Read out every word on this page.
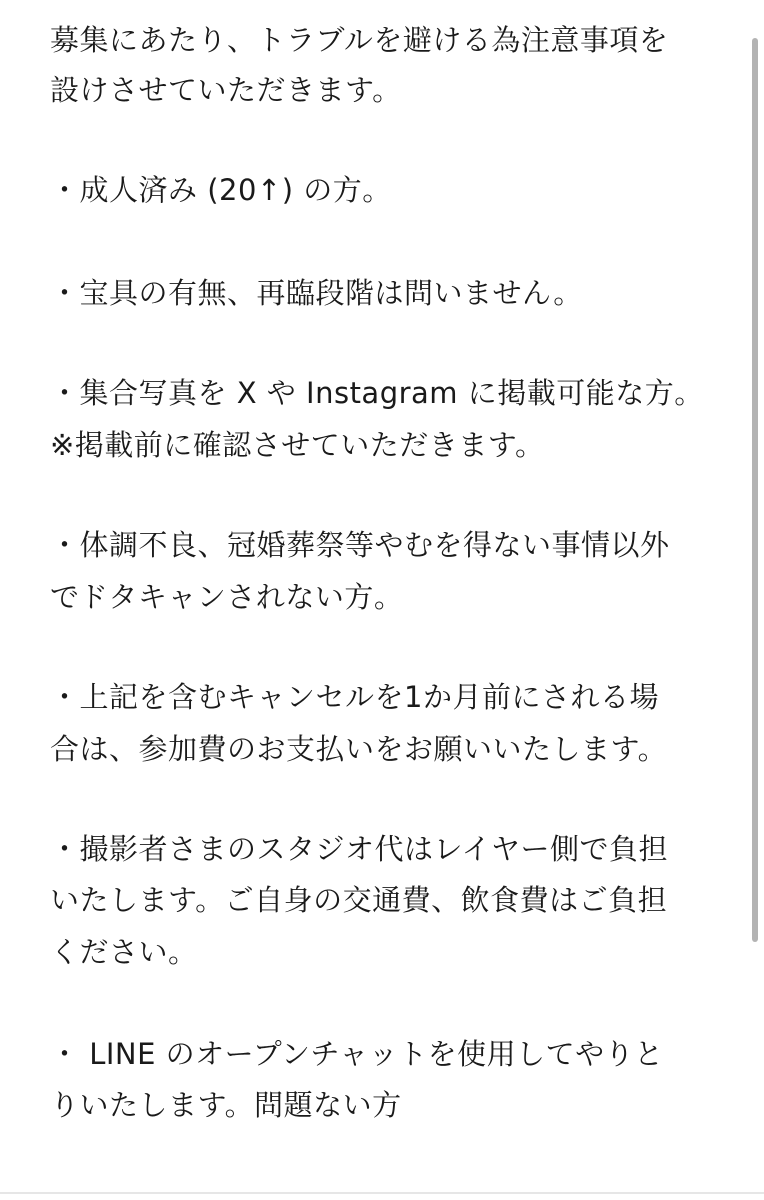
募集にあたり、トラブルを避ける為注意事項を
設けさせていただきます。
・成人済み (20↑) の方。
・宝具の有無、再臨段階は問いません。
・集合写真を X や Instagram に掲載可能な方。
※掲載前に確認させていただきます。
・体調不良、冠婚葬祭等やむを得ない事情以外
でドタキャンされない方。
・上記を含むキャンセルを1か月前にされる場
合は、参加費のお支払いをお願いいたします。
・撮影者さまのスタジオ代はレイヤー側で負担
いたします。ご自身の交通費、飲食費はご負担
ください。
・ LINE のオープンチャットを使用してやりと
りいたします。問題ない方
